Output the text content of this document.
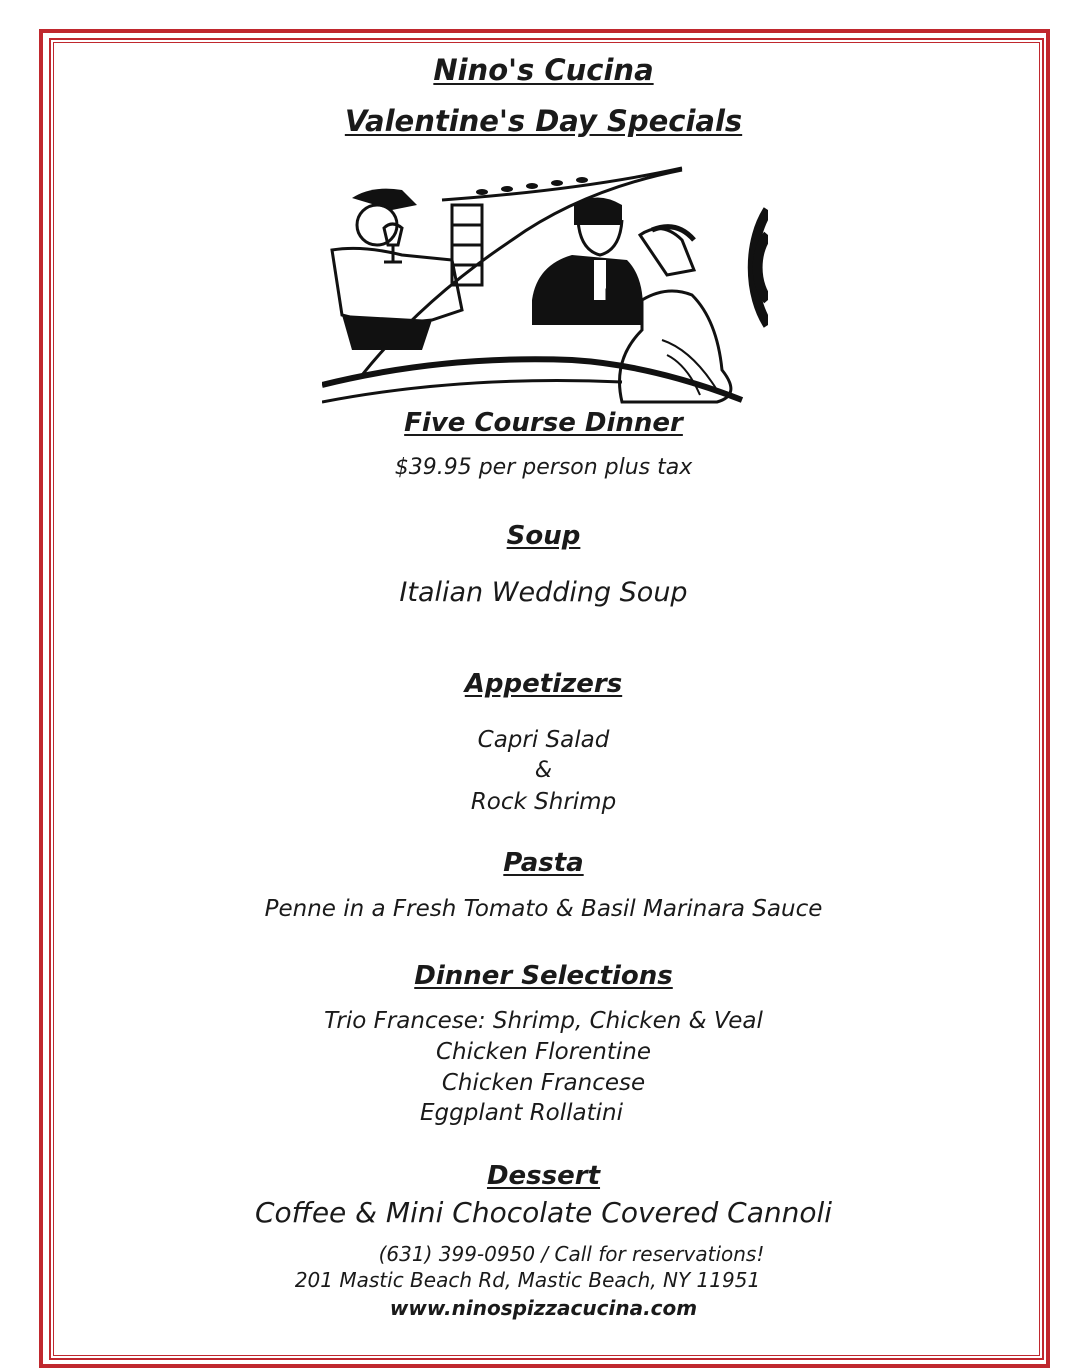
Nino's Cucina
Valentine's Day Specials
Five Course Dinner
$39.95 per person plus tax
Soup
Italian Wedding Soup
Appetizers
Capri Salad
&
Rock Shrimp
Pasta
Penne in a Fresh Tomato & Basil Marinara Sauce
Dinner Selections
Trio Francese: Shrimp, Chicken & Veal
Chicken Florentine
Chicken Francese
Eggplant Rollatini
Dessert
Coffee & Mini Chocolate Covered Cannoli
(631) 399-0950 / Call for reservations!
201 Mastic Beach Rd, Mastic Beach, NY 11951
www.ninospizzacucina.com
